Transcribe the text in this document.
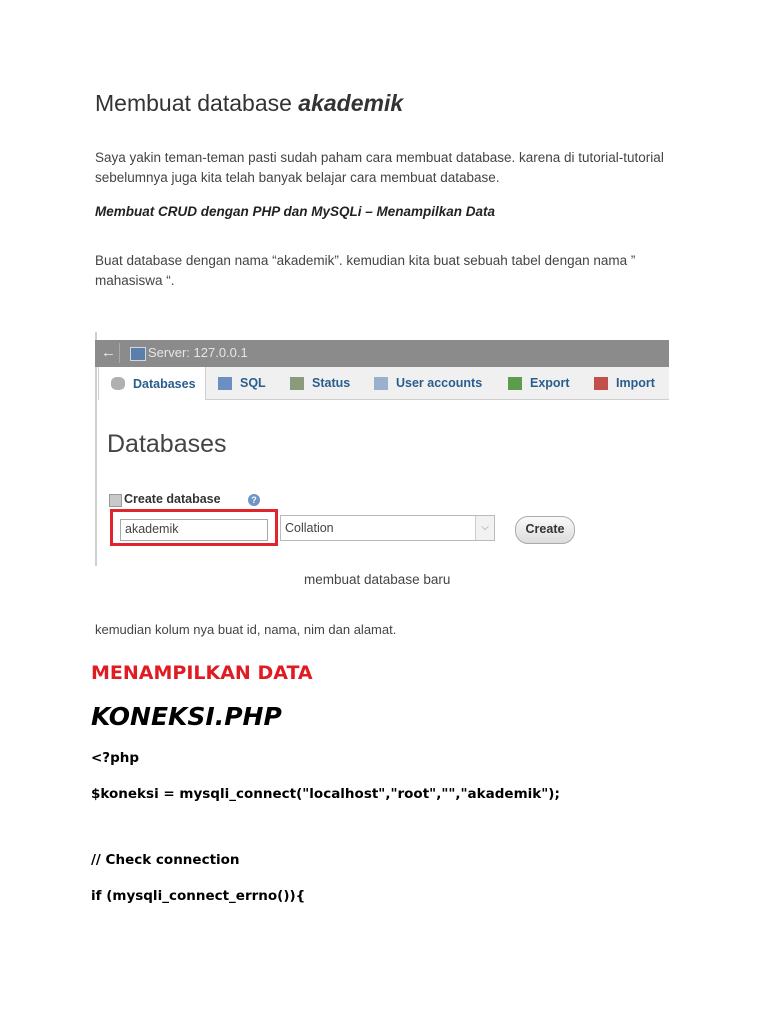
Membuat database akademik

Saya yakin teman-teman pasti sudah paham cara membuat database. karena di tutorial-tutorial sebelumnya juga kita telah banyak belajar cara membuat database.

Membuat CRUD dengan PHP dan MySQLi – Menampilkan Data

Buat database dengan nama “akademik”. kemudian kita buat sebuah tabel dengan nama ” mahasiswa “.

← Server: 127.0.0.1
Databases	SQL	Status	User accounts	Export	Import
Databases
Create database	?
akademik	Collation	⌵	Create
membuat database baru

kemudian kolum nya buat id, nama, nim dan alamat.

MENAMPILKAN DATA
KONEKSI.PHP
<?php
$koneksi = mysqli_connect("localhost","root","","akademik");
// Check connection
if (mysqli_connect_errno()){
